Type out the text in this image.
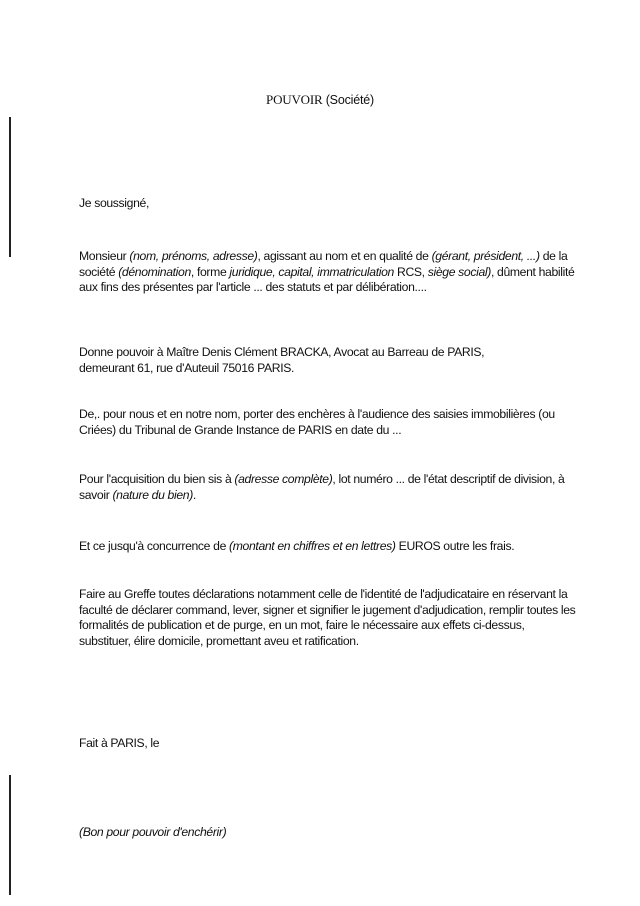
POUVOIR (Société)

Je soussigné,

Monsieur (nom, prénoms, adresse), agissant au nom et en qualité de (gérant, président, ...) de la société (dénomination, forme juridique, capital, immatriculation RCS, siège social), dûment habilité aux fins des présentes par l'article ... des statuts et par délibération....

Donne pouvoir à Maître Denis Clément BRACKA, Avocat au Barreau de PARIS,
demeurant 61, rue d'Auteuil 75016 PARIS.

De,. pour nous et en notre nom, porter des enchères à l'audience des saisies immobilières (ou Criées) du Tribunal de Grande Instance de PARIS en date du ...

Pour l'acquisition du bien sis à (adresse complète), lot numéro ... de l'état descriptif de division, à savoir (nature du bien).

Et ce jusqu'à concurrence de (montant en chiffres et en lettres) EUROS outre les frais.

Faire au Greffe toutes déclarations notamment celle de l'identité de l'adjudicataire en réservant la faculté de déclarer command, lever, signer et signifier le jugement d'adjudication, remplir toutes les formalités de publication et de purge, en un mot, faire le nécessaire aux effets ci-dessus, substituer, élire domicile, promettant aveu et ratification.

Fait à PARIS, le

(Bon pour pouvoir d'enchérir)
